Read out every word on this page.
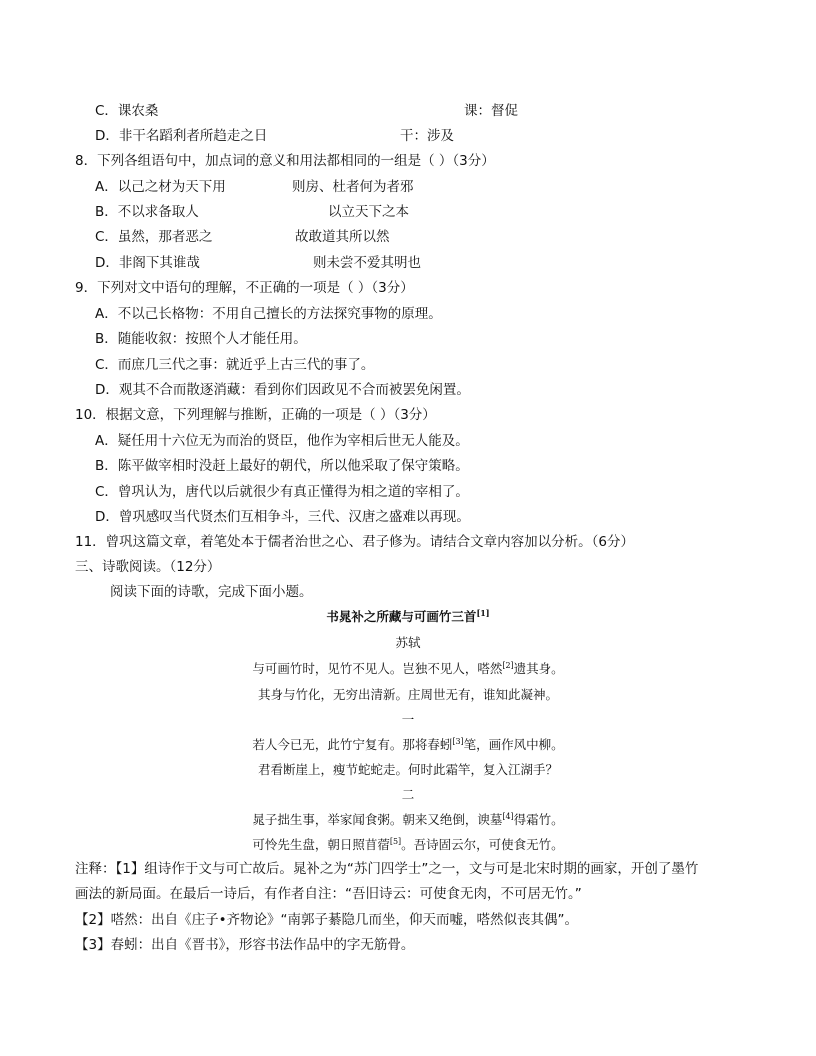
C．课农桑	课：督促
D．非干名蹈利者所趋走之日	干：涉及
8．下列各组语句中，加点词的意义和用法都相同的一组是（ ）（3分）
A．以己之材为天下用	则房、杜者何为者邪
B．不以求备取人	以立天下之本
C．虽然，那者恶之	故敢道其所以然
D．非阁下其谁哉	则未尝不爱其明也
9．下列对文中语句的理解，不正确的一项是（ ）（3分）
A．不以己长格物：不用自己擅长的方法探究事物的原理。
B．随能收叙：按照个人才能任用。
C．而庶几三代之事：就近乎上古三代的事了。
D．观其不合而散逐消藏：看到你们因政见不合而被罢免闲置。
10．根据文意，下列理解与推断，正确的一项是（ ）（3分）
A．疑任用十六位无为而治的贤臣，他作为宰相后世无人能及。
B．陈平做宰相时没赶上最好的朝代，所以他采取了保守策略。
C．曾巩认为，唐代以后就很少有真正懂得为相之道的宰相了。
D．曾巩感叹当代贤杰们互相争斗，三代、汉唐之盛难以再现。
11．曾巩这篇文章，着笔处本于儒者治世之心、君子修为。请结合文章内容加以分析。（6分）
三、诗歌阅读。（12分）
阅读下面的诗歌，完成下面小题。
书晁补之所藏与可画竹三首[1]
苏轼
与可画竹时，见竹不见人。岂独不见人，嗒然[2]遗其身。
其身与竹化，无穷出清新。庄周世无有，谁知此凝神。
一
若人今已无，此竹宁复有。那将春蚓[3]笔，画作风中柳。
君看断崖上，瘦节蛇蛇走。何时此霜竿，复入江湖手？
二
晁子拙生事，举家闻食粥。朝来又绝倒，谀墓[4]得霜竹。
可怜先生盘，朝日照苜蓿[5]。吾诗固云尔，可使食无竹。
注释：【1】组诗作于文与可亡故后。晁补之为“苏门四学士”之一，文与可是北宋时期的画家，开创了墨竹
画法的新局面。在最后一诗后，有作者自注：“吾旧诗云：可使食无肉，不可居无竹。”
【2】嗒然：出自《庄子•齐物论》“南郭子綦隐几而坐，仰天而嘘，嗒然似丧其偶”。
【3】春蚓：出自《晋书》，形容书法作品中的字无筋骨。
